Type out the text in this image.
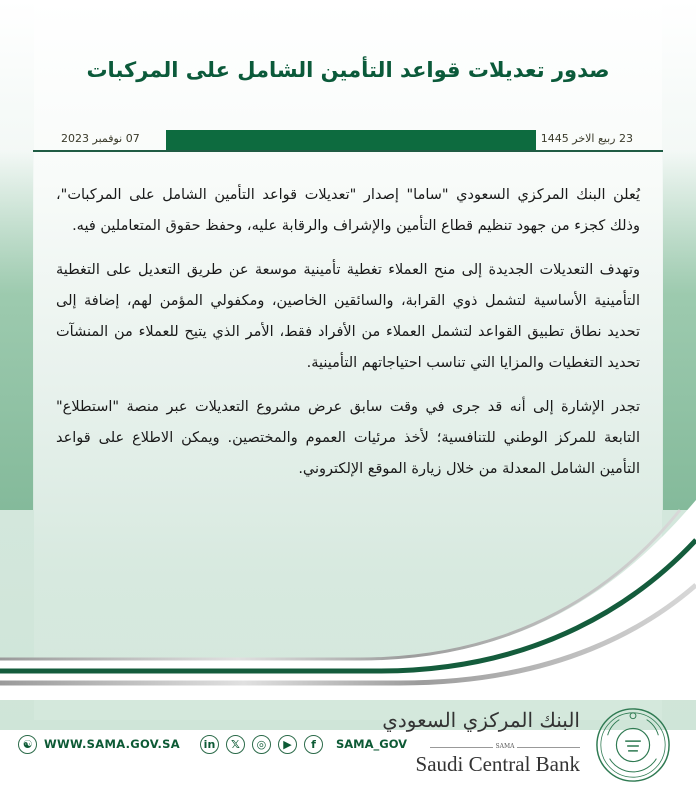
صدور تعديلات قواعد التأمين الشامل على المركبات
07 نوفمبر 2023	23 ربيع الاخر 1445

يُعلن البنك المركزي السعودي "ساما" إصدار "تعديلات قواعد التأمين الشامل على المركبات"، وذلك كجزء من جهود تنظيم قطاع التأمين والإشراف والرقابة عليه، وحفظ حقوق المتعاملين فيه.

وتهدف التعديلات الجديدة إلى منح العملاء تغطية تأمينية موسعة عن طريق التعديل على التغطية التأمينية الأساسية لتشمل ذوي القرابة، والسائقين الخاصين، ومكفولي المؤمن لهم، إضافة إلى تحديد نطاق تطبيق القواعد لتشمل العملاء من الأفراد فقط، الأمر الذي يتيح للعملاء من المنشآت تحديد التغطيات والمزايا التي تناسب احتياجاتهم التأمينية.

تجدر الإشارة إلى أنه قد جرى في وقت سابق عرض مشروع التعديلات عبر منصة "استطلاع" التابعة للمركز الوطني للتنافسية؛ لأخذ مرئيات العموم والمختصين. ويمكن الاطلاع على قواعد التأمين الشامل المعدلة من خلال زيارة الموقع الإلكتروني.

☯	WWW.SAMA.GOV.SA	in	𝕏	◎	▶	f	SAMA_GOV
البنك المركزي السعودي
SAMA
Saudi Central Bank
